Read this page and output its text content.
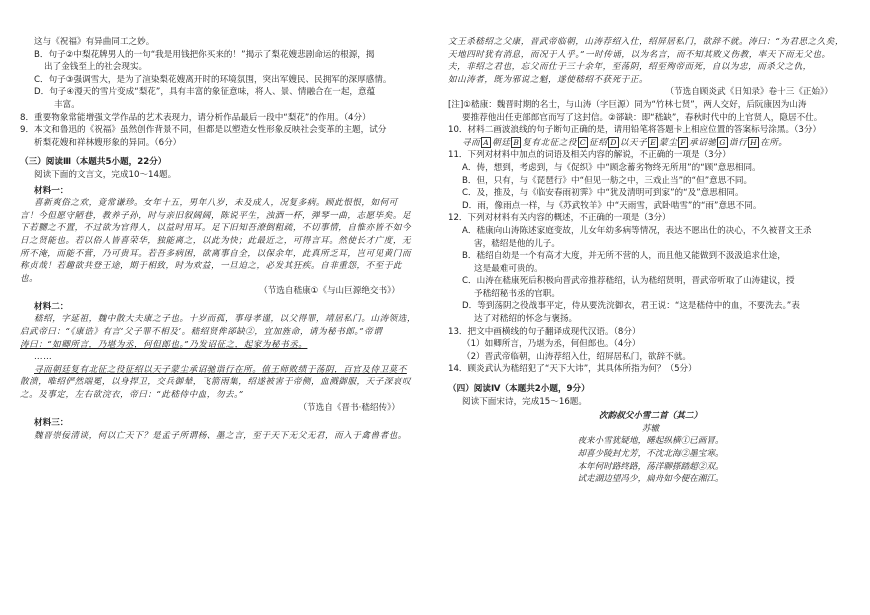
这与《祝福》有异曲同工之妙。

B．句子②中梨花牌男人的一句“我是用钱把你买来的！”揭示了梨花嫂悲剧命运的根源，揭

出了金钱至上的社会现实。

C．句子③强调雪大，是为了渲染梨花嫂离开时的环境氛围，突出军嫂民、民拥军的深厚感情。

D．句子④漫天的雪片变成“梨花”，具有丰富的象征意味，将人、景、情融合在一起，意蕴

丰富。

8．重要物象常能增强文学作品的艺术表现力，请分析作品最后一段中“梨花”的作用。（4分）

9．本文和鲁迅的《祝福》虽然创作背景不同，但都是以塑造女性形象反映社会变革的主题，试分

析梨花嫂和祥林嫂形象的异同。（6分）

（三）阅读Ⅲ（本题共5小题，22分）

阅读下面的文言文，完成10～14题。

材料一：

喜新爽俗之欢，竟常谦珍。女年十五，男年八岁，未及成人，况复多病。顾此恨恨，如何可

言！今但愿守陋巷，教养子孙，时与亲旧叙阔阔，陈说平生，浊酒一杯，弹琴一曲，志愿毕矣。足

下若嬲之不置，不过欲为官得人，以益时用耳。足下旧知吾潦倒粗疏，不切事情，自惟亦皆不如今

日之贤能也。若以俗人皆喜荣华，独能离之，以此为快；此最近之，可得言耳。然使长才广度，无

所不淹，而能不营，乃可贵耳。若吾多病困，欲离事自全，以保余年，此真所乏耳，岂可见黄门而

称贞哉！若趣欲共登王途，期于相致，时为欢益，一旦迫之，必发其狂疾。自非重怨，不至于此也。

（节选自嵇康①《与山巨源绝交书》）

材料二：

嵇绍，字延祖，魏中散大夫康之子也。十岁而孤，事母孝谨，以父得罪，靖居私门。山涛领选，

启武帝曰：“《康诰》有言‘父子罪不相及’。嵇绍贤侔郤缺②，宜加旌命，请为秘书郎。”帝谓

涛曰：“如卿所言，乃堪为丞，何但郎也。”乃发诏征之，起家为秘书丞。

……

寻而朝廷复有北征之役征绍以天子蒙尘承诏驰诣行在所。值王师败绩于荡阴，百官及侍卫莫不

散溃，唯绍俨然端冕，以身捍卫，交兵御辇，飞箭雨集，绍遂被害于帝侧，血溅御服，天子深哀叹

之。及事定，左右欲浣衣，帝曰：“此嵇侍中血，勿去。”

（节选自《晋书·嵇绍传》）

材料三：

魏晋崇佞清谈，何以亡天下？是孟子所谓杨、墨之言，至于天下无父无君，而入于禽兽者也。

文王杀嵇绍之父康，晋武帝临朝，山涛荐绍入仕，绍屏居私门，欲辞不就。涛曰：“为君思之久矣，

天地四时犹有消息，而况于人乎。”一时传诵，以为名言，而不知其败义伤教，率天下而无父也。

夫，非绍之君也，忘父而仕于三十余年，至荡阴，绍至殉帝而死，自以为忠，而杀父之仇，

如山涛者，既为邪说之魁，遂使嵇绍不获死于正。

（节选自顾炎武《日知录》卷十三《正始》）

[注]①嵇康：魏晋时期的名士，与山涛（字巨源）同为“竹林七贤”，两人交好，后阮康因为山涛

要推荐他出任吏部郎官而写了这封信。②郤缺：即“嵇缺”，春秋时代中的上官贤人，隐居不仕。

10．材料二画波浪线的句子断句正确的是，请用铅笔将答题卡上相应位置的答案标号涂黑。（3分）

寻而 A 朝廷 B 复有北征之役 C 征绍 D 以天子 E 蒙尘 F 承诏驰 G 诣行 H 在所。

11．下列对材料中加点的词语及相关内容的解说，不正确的一项是（3分）

A．俦，想到，考虑到，与《促织》中“顾念蓄劣物终无所用”的“顾”意思相同。

B．但，只有，与《琵琶行》中“但见一舫之中，三戏止当”的“但”意思不同。

C．及，推及，与《临安春雨初霁》中“犹及清明可到家”的“及”意思相同。

D．雨，像雨点一样，与《苏武牧羊》中“天雨雪，武卧啮雪”的“雨”意思不同。

12．下列对材料有关内容的概述，不正确的一项是（3分）

A．嵇康向山涛陈述家庭变故，儿女年幼多病等情况，表达不愿出仕的决心，不久被晋文王杀

害，嵇绍是他的儿子。

B．嵇绍自幼是一个有高才大度，并无所不营的人，而且他又能做到不汲汲追求仕途，

这是最难可贵的。

C．山涛在嵇康死后积极向晋武帝推荐嵇绍，认为嵇绍贤明，晋武帝听取了山涛建议，授

予嵇绍秘书丞的官职。

D．等到荡阴之役战事平定，侍从要洗浣御衣，君王说：“这是嵇侍中的血，不要洗去。”表

达了对嵇绍的怀念与褒扬。

13．把文中画横线的句子翻译成现代汉语。（8分）

（1）如卿所言，乃堪为丞，何但郎也。（4分）

（2）晋武帝临朝，山涛荐绍入仕，绍屏居私门，欲辞不就。

14．顾炎武认为嵇绍犯了“天下大讳”，其具体所指为何？（5分）

（四）阅读Ⅳ（本题共2小题，9分）

阅读下面宋诗，完成15～16题。

次韵叔父小雪二首（其二）

苏辙

夜来小雪犹疑地，睡起纵横①已画冒。

却喜少陵封尤芳，不沈北海②墨宝寒。

本年何时路终路，荡洋聊搽踏超②双。

试走湖边望冯少，扁舟如今便在湘江。
